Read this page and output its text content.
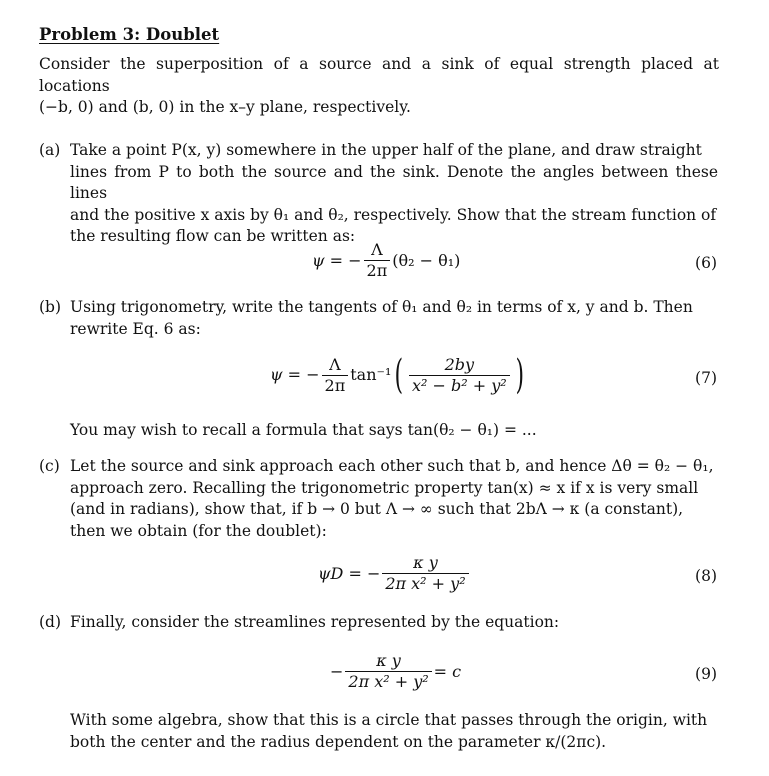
Problem 3: Doublet
Consider the superposition of a source and a sink of equal strength placed at locations
(−b, 0) and (b, 0) in the x–y plane, respectively.
(a) Take a point P(x, y) somewhere in the upper half of the plane, and draw straight
lines from P to both the source and the sink. Denote the angles between these lines
and the positive x axis by θ₁ and θ₂, respectively. Show that the stream function of
the resulting flow can be written as:
ψ = − $\frac{\Lambda}{2\pi} (\theta_2 - \theta_1)$	(6)
(b) Using trigonometry, write the tangents of θ₁ and θ₂ in terms of x, y and b. Then
rewrite Eq. 6 as:
ψ = − $\frac{\Lambda}{2\pi} \tan^{-1}$ ( $\frac{2by}{\text{x² − b² + y²}}$ )	(7)
You may wish to recall a formula that says tan(θ₂ − θ₁) = ...
(c) Let the source and sink approach each other such that b, and hence Δθ = θ₂ − θ₁,
approach zero. Recalling the trigonometric property tan(x) ≈ x if x is very small
(and in radians), show that, if b → 0 but Λ → ∞ such that 2bΛ → κ (a constant),
then we obtain (for the doublet):
ψD = − $\frac{\text{κ y}}{\text{2π x² + y²}}$	(8)
(d) Finally, consider the streamlines represented by the equation:
− $\frac{\text{κ y}}{\text{2π x² + y²}} = c$	(9)
With some algebra, show that this is a circle that passes through the origin, with
both the center and the radius dependent on the parameter κ/(2πc).
